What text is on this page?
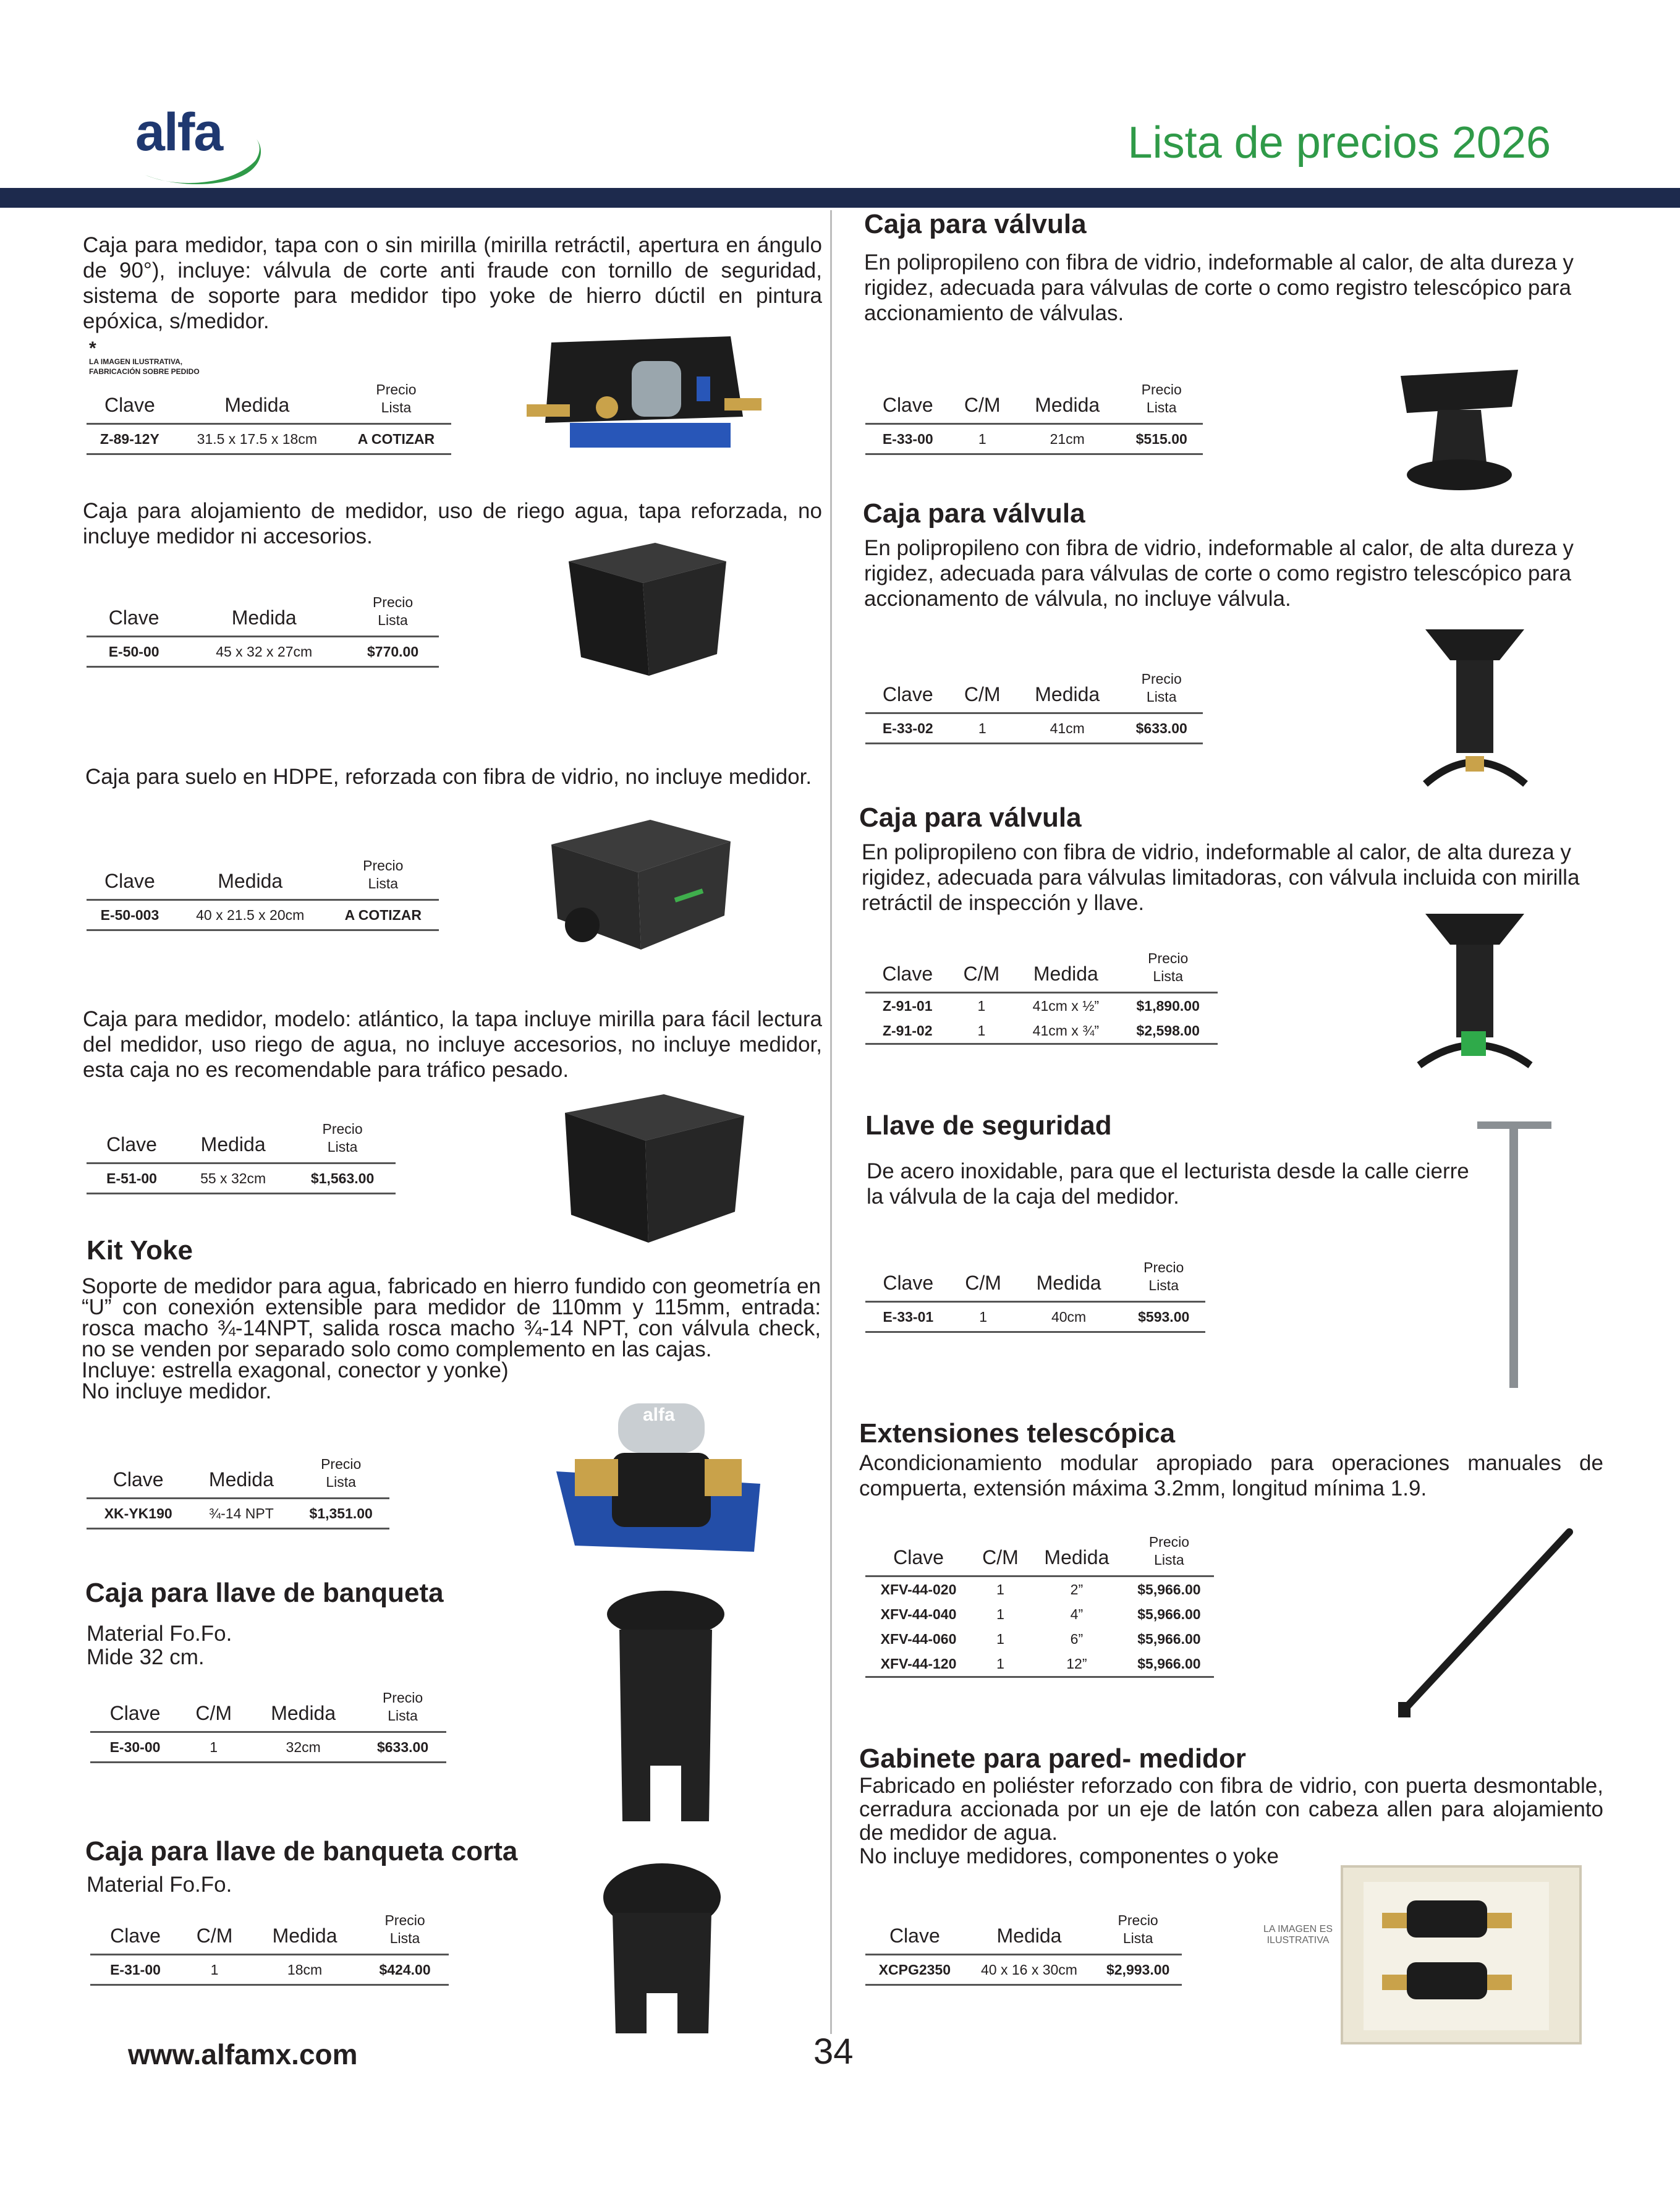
alfa	Lista de precios 2026

Caja para medidor, tapa con o sin mirilla (mirilla retráctil, apertura en ángulo de 90°), incluye: válvula de corte anti fraude con tornillo de seguridad, sistema de soporte para medidor tipo yoke de hierro dúctil en pintura epóxica, s/medidor.

*
LA IMAGEN ILUSTRATIVA,
FABRICACIÓN SOBRE PEDIDO
Clave	Medida	Precio
Lista
Z-89-12Y	31.5 x 17.5 x 18cm	A COTIZAR

Caja para alojamiento de medidor, uso de riego agua, tapa reforzada, no incluye medidor ni accesorios.

Clave	Medida	Precio
Lista
E-50-00	45 x 32 x 27cm	$770.00

Caja para suelo en HDPE, reforzada con fibra de vidrio, no incluye medidor.

Clave	Medida	Precio
Lista
E-50-003	40 x 21.5 x 20cm	A COTIZAR

Caja para medidor, modelo: atlántico, la tapa incluye mirilla para fácil lectura del medidor, uso riego de agua, no incluye accesorios, no incluye medidor, esta caja no es recomendable para tráfico pesado.

Clave	Medida	Precio
Lista
E-51-00	55 x 32cm	$1,563.00
Kit Yoke

Soporte de medidor para agua, fabricado en hierro fundido con geometría en “U” con conexión extensible para medidor de 110mm y 115mm, entrada: rosca macho ¾-14NPT, salida rosca macho ¾-14 NPT, con válvula check, no se venden por separado solo como complemento en las cajas.

Incluye: estrella exagonal, conector y yonke)

No incluye medidor.

Clave	Medida	Precio
Lista
XK-YK190	¾-14 NPT	$1,351.00
alfa
Caja para llave de banqueta

Material Fo.Fo.

Mide 32 cm.

Clave	C/M	Medida	Precio
Lista
E-30-00	1	32cm	$633.00
Caja para llave de banqueta corta

Material Fo.Fo.

Clave	C/M	Medida	Precio
Lista
E-31-00	1	18cm	$424.00
Caja para válvula

En polipropileno con fibra de vidrio, indeformable al calor, de alta dureza y rigidez, adecuada para válvulas de corte o como registro telescópico para accionamiento de válvulas.

Clave	C/M	Medida	Precio
Lista
E-33-00	1	21cm	$515.00
Caja para válvula

En polipropileno con fibra de vidrio, indeformable al calor, de alta dureza y rigidez, adecuada para válvulas de corte o como registro telescópico para accionamento de válvula, no incluye válvula.

Clave	C/M	Medida	Precio
Lista
E-33-02	1	41cm	$633.00
Caja para válvula

En polipropileno con fibra de vidrio, indeformable al calor, de alta dureza y rigidez, adecuada para válvulas limitadoras, con válvula incluida con mirilla retráctil de inspección y llave.

Clave	C/M	Medida	Precio
Lista
Z-91-01	1	41cm x ½”	$1,890.00
Z-91-02	1	41cm x ¾”	$2,598.00
Llave de seguridad

De acero inoxidable, para que el lecturista desde la calle cierre la válvula de la caja del medidor.

Clave	C/M	Medida	Precio
Lista
E-33-01	1	40cm	$593.00
Extensiones telescópica

Acondicionamiento modular apropiado para operaciones manuales de compuerta, extensión máxima 3.2mm, longitud mínima 1.9.

Clave	C/M	Medida	Precio
Lista
XFV-44-020	1	2”	$5,966.00
XFV-44-040	1	4”	$5,966.00
XFV-44-060	1	6”	$5,966.00
XFV-44-120	1	12”	$5,966.00
Gabinete para pared- medidor

Fabricado en poliéster reforzado con fibra de vidrio, con puerta desmontable, cerradura accionada por un eje de latón con cabeza allen para alojamiento de medidor de agua.

No incluye medidores, componentes o yoke

Clave	Medida	Precio
Lista
XCPG2350	40 x 16 x 30cm	$2,993.00
LA IMAGEN ES
ILUSTRATIVA
www.alfamx.com	34
